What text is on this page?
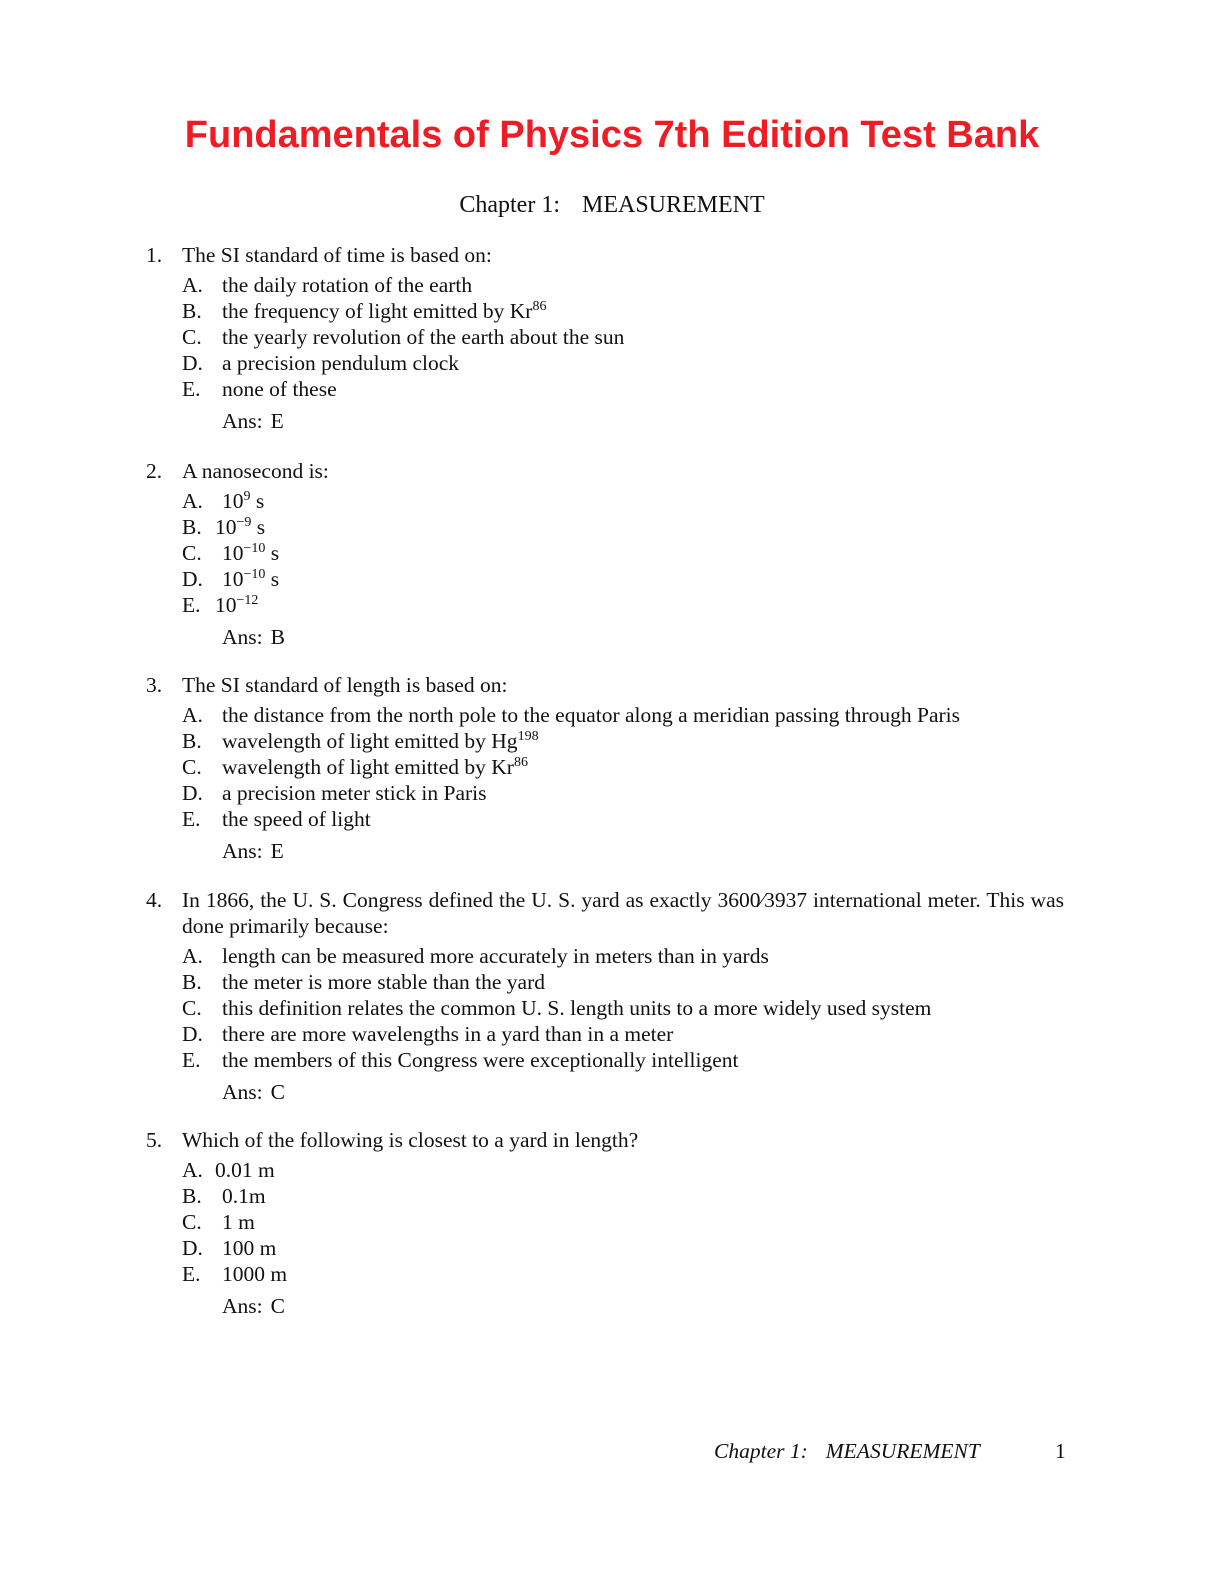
Fundamentals of Physics 7th Edition Test Bank
Chapter 1: MEASUREMENT
1. The SI standard of time is based on:
A. the daily rotation of the earth
B. the frequency of light emitted by Kr$^{86}$
C. the yearly revolution of the earth about the sun
D. a precision pendulum clock
E. none of these
Ans: E
2. A nanosecond is:
A. $10^9$ s
B. $10^{-9}$ s
C. $10^{-10}$ s
D. $10^{-10}$ s
E. $10^{-12}$
Ans: B
3. The SI standard of length is based on:
A. the distance from the north pole to the equator along a meridian passing through Paris
B. wavelength of light emitted by Hg$^{198}$
C. wavelength of light emitted by Kr$^{86}$
D. a precision meter stick in Paris
E. the speed of light
Ans: E
4. In 1866, the U. S. Congress defined the U. S. yard as exactly 3600⁄3937 international meter. This was done primarily because:
A. length can be measured more accurately in meters than in yards
B. the meter is more stable than the yard
C. this definition relates the common U. S. length units to a more widely used system
D. there are more wavelengths in a yard than in a meter
E. the members of this Congress were exceptionally intelligent
Ans: C
5. Which of the following is closest to a yard in length?
A. 0.01 m
B. 0.1m
C. 1 m
D. 100 m
E. 1000 m
Ans: C
Chapter 1: MEASUREMENT	1
